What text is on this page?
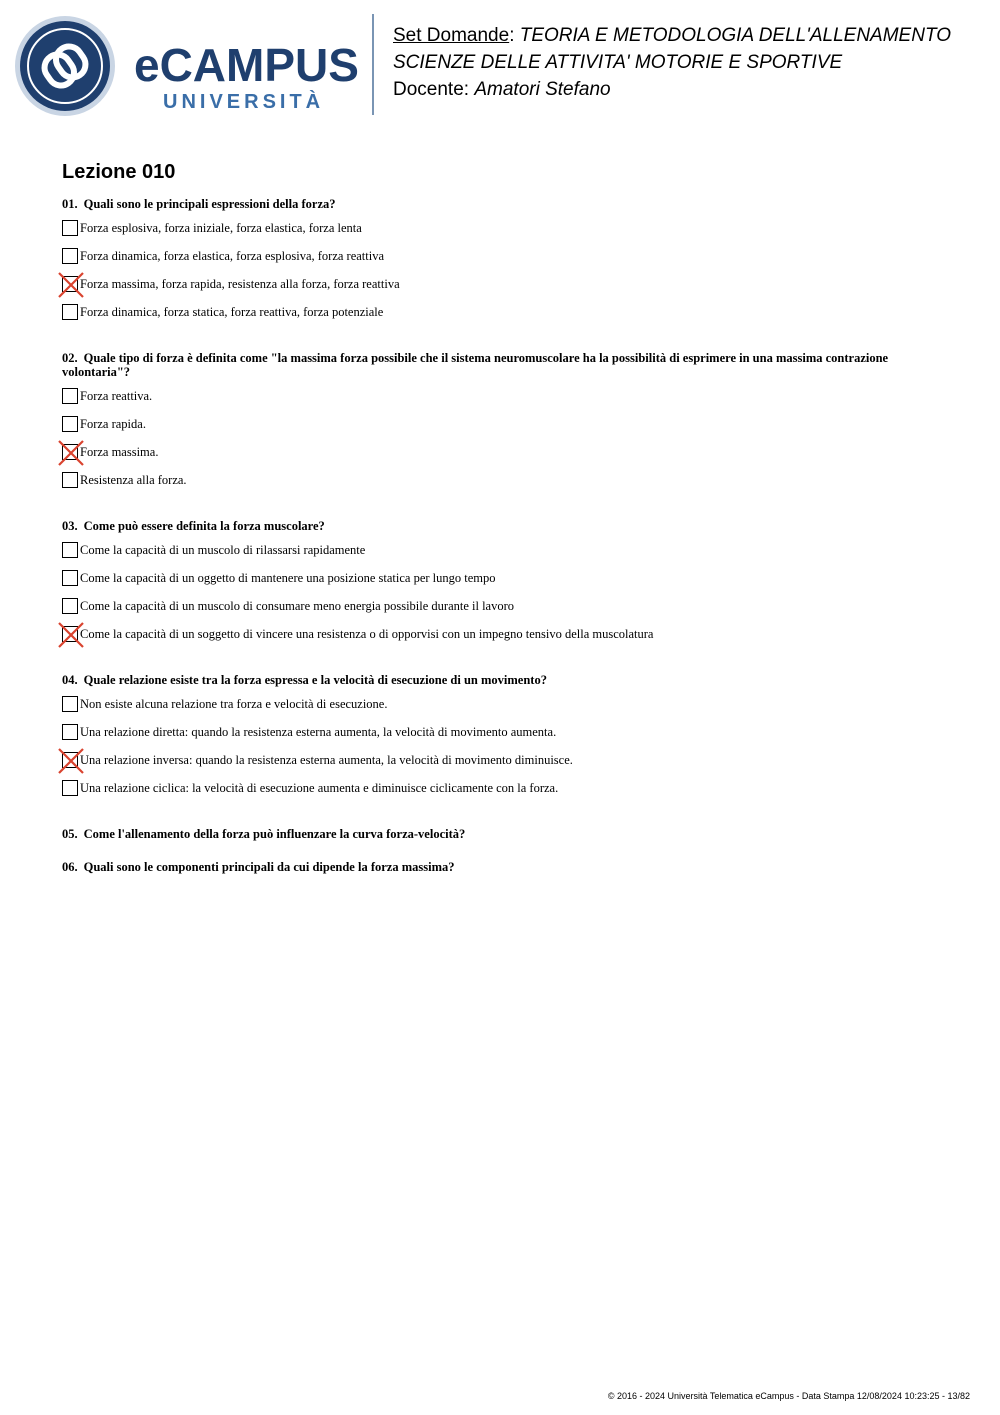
eCAMPUS
UNIVERSITÀ
Set Domande: TEORIA E METODOLOGIA DELL'ALLENAMENTO
SCIENZE DELLE ATTIVITA' MOTORIE E SPORTIVE
Docente: Amatori Stefano
Lezione 010
01. Quali sono le principali espressioni della forza?
Forza esplosiva, forza iniziale, forza elastica, forza lenta
Forza dinamica, forza elastica, forza esplosiva, forza reattiva
Forza massima, forza rapida, resistenza alla forza, forza reattiva
Forza dinamica, forza statica, forza reattiva, forza potenziale
02. Quale tipo di forza è definita come "la massima forza possibile che il sistema neuromuscolare ha la possibilità di esprimere in una massima contrazione volontaria"?
Forza reattiva.
Forza rapida.
Forza massima.
Resistenza alla forza.
03. Come può essere definita la forza muscolare?
Come la capacità di un muscolo di rilassarsi rapidamente
Come la capacità di un oggetto di mantenere una posizione statica per lungo tempo
Come la capacità di un muscolo di consumare meno energia possibile durante il lavoro
Come la capacità di un soggetto di vincere una resistenza o di opporvisi con un impegno tensivo della muscolatura
04. Quale relazione esiste tra la forza espressa e la velocità di esecuzione di un movimento?
Non esiste alcuna relazione tra forza e velocità di esecuzione.
Una relazione diretta: quando la resistenza esterna aumenta, la velocità di movimento aumenta.
Una relazione inversa: quando la resistenza esterna aumenta, la velocità di movimento diminuisce.
Una relazione ciclica: la velocità di esecuzione aumenta e diminuisce ciclicamente con la forza.
05. Come l'allenamento della forza può influenzare la curva forza-velocità?
06. Quali sono le componenti principali da cui dipende la forza massima?
© 2016 - 2024 Università Telematica eCampus - Data Stampa 12/08/2024 10:23:25 - 13/82
